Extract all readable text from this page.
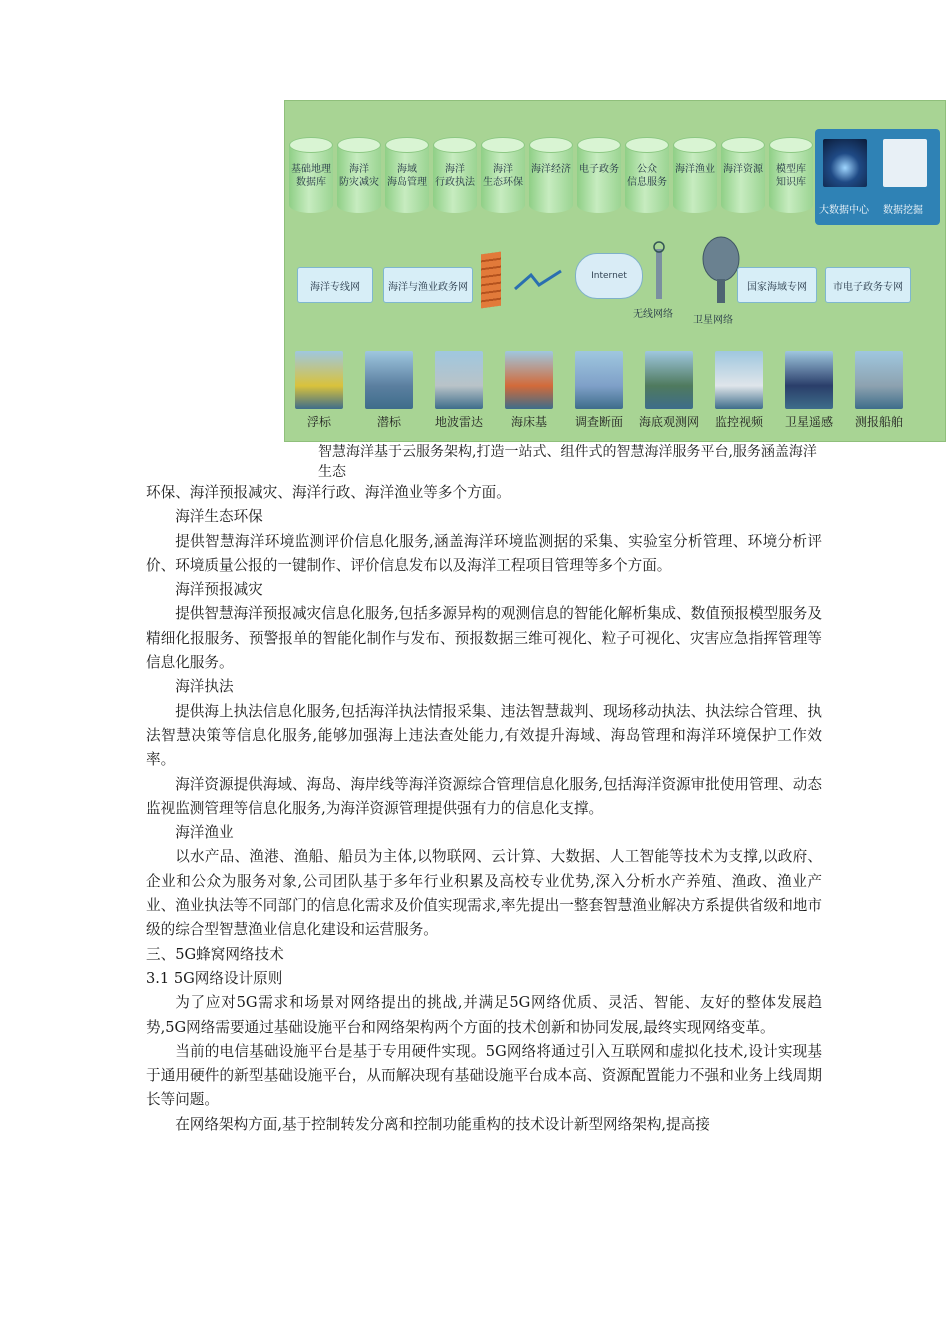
基础地理
数据库
海洋
防灾减灾
海域
海岛管理
海洋
行政执法
海洋
生态环保
海洋经济 电子政务	公众
信息服务
海洋渔业 海洋资源	模型库
知识库
大数据中心 数据挖掘
海洋专线网	海洋与渔业政务网
Internet
无线网络
卫星网络
国家海域专网	市电子政务专网
浮标	潜标	地波雷达	海床基	调查断面	海底观测网	监控视频	卫星遥感	测报船舶
智慧海洋基于云服务架构,打造一站式、组件式的智慧海洋服务平台,服务涵盖海洋生态

环保、海洋预报减灾、海洋行政、海洋渔业等多个方面。

海洋生态环保

提供智慧海洋环境监测评价信息化服务,涵盖海洋环境监测据的采集、实验室分析管理、环境分析评价、环境质量公报的一键制作、评价信息发布以及海洋工程项目管理等多个方面。

海洋预报减灾

提供智慧海洋预报减灾信息化服务,包括多源异构的观测信息的智能化解析集成、数值预报模型服务及精细化报服务、预警报单的智能化制作与发布、预报数据三维可视化、粒子可视化、灾害应急指挥管理等信息化服务。

海洋执法

提供海上执法信息化服务,包括海洋执法情报采集、违法智慧裁判、现场移动执法、执法综合管理、执法智慧决策等信息化服务,能够加强海上违法查处能力,有效提升海域、海岛管理和海洋环境保护工作效率。

海洋资源提供海域、海岛、海岸线等海洋资源综合管理信息化服务,包括海洋资源审批使用管理、动态监视监测管理等信息化服务,为海洋资源管理提供强有力的信息化支撑。

海洋渔业

以水产品、渔港、渔船、船员为主体,以物联网、云计算、大数据、人工智能等技术为支撑,以政府、企业和公众为服务对象,公司团队基于多年行业积累及高校专业优势,深入分析水产养殖、渔政、渔业产业、渔业执法等不同部门的信息化需求及价值实现需求,率先提出一整套智慧渔业解决方系提供省级和地市级的综合型智慧渔业信息化建设和运营服务。

三、5G蜂窝网络技术

3.1 5G网络设计原则

为了应对5G需求和场景对网络提出的挑战,并满足5G网络优质、灵活、智能、友好的整体发展趋势,5G网络需要通过基础设施平台和网络架构两个方面的技术创新和协同发展,最终实现网络变革。

当前的电信基础设施平台是基于专用硬件实现。5G网络将通过引入互联网和虚拟化技术,设计实现基于通用硬件的新型基础设施平台，从而解决现有基础设施平台成本高、资源配置能力不强和业务上线周期长等问题。

在网络架构方面,基于控制转发分离和控制功能重构的技术设计新型网络架构,提高接
